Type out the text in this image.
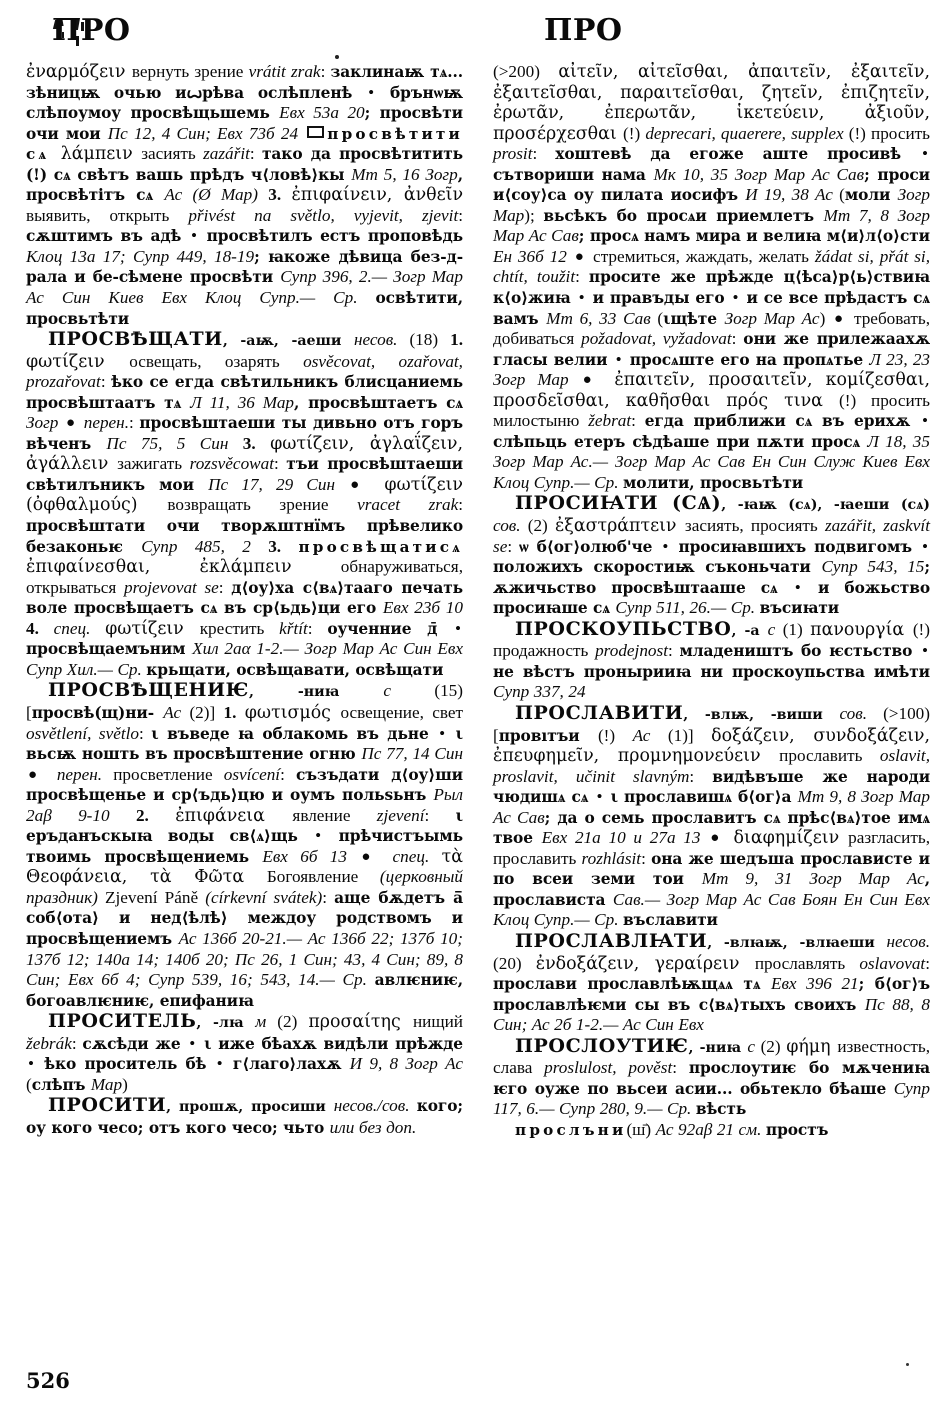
ПРО	ПРО

ἐναρμόζειν вернуть зрение vrátit zrak: заклинаѭ тѧ... зѣницѭ очью иꙍрѣва ослѣпленѣ • брънѡѭ слѣпоумоу просвѣщьшемь Евх 53а 20; просвѣти очи мои Пс 12, 4 Син; Евх 73б 24 просвѣтити сѧ λάμπειν засиять zazářit: тако да просвѣтитить (!) сѧ свѣтъ вашь прѣдъ ч⟨ловѣ⟩кы Мт 5, 16 Зогр, просвѣтітъ сѧ Ас (Ø Мар) 3. ἐπιφαίνειν, ἀνθεῖν выявить, открыть přivést na světlo, vyjevit, zjevit: сѫштимъ въ адѣ • просвѣтилъ естъ проповѣдь Клоц 13а 17; Супр 449, 18-19; ꙗкоже дѣвица без-д-рала и бе-сѣмене просвѣти Супр 396, 2.— Зогр Мар Ас Син Киев Евх Клоц Супр.— Ср. освѣтити, просвьтѣти

ПРОСВѢЩАТИ, -аѭ, -аеши несов. (18) 1. φωτίζειν освещать, озарять osvěcovat, ozařovat, prozařovat: ѣко се егда свѣтильникъ блисцаниемь просвѣштаатъ тѧ Л 11, 36 Мар, просвѣштаетъ сѧ Зогр ● перен.: просвѣштаеши ты дивьно отъ горъ вѣченъ Пс 75, 5 Син 3. φωτίζειν, ἀγλαΐζειν, ἀγάλλειν зажигать rozsvěcowat: тъи просвѣштаеши свѣтилъникъ мои Пс 17, 29 Син ● φωτίζειν (ὀφθαλμούς) возвращать зрение vracet zrak: просвѣштати очи творѫштнїмъ прѣвелико безаконьѥ Супр 485, 2 3. просвѣщатисѧ ἐπιφαίνεσθαι, ἐκλάμπειν обнаруживаться, открываться projevovat se: д⟨оу⟩ха с⟨вѧ⟩тааго печать воле просвѣщаетъ сѧ въ ср⟨ьдь⟩ци его Евх 23б 10 4. спец. φωτίζειν крестить křtít: оученние д̄ • просвѣщаемъним Хил 2аα 1-2.— Зогр Мар Ас Син Евх Супр Хил.— Ср. крьщати, освѣщавати, освѣщати

ПРОСВѢЩЕНИѤ, -ниꙗ с (15) [просвѣ(щ)ни- Ас (2)] 1. φωτισμός освещение, свет osvětlení, světlo: ι въведе ꙗ облакомь въ дьне • ι вьсѭ ношть въ просвѣштение огню Пс 77, 14 Син ● перен. просветление osvícení: съзъдати д⟨оу⟩ши просвѣщенье и ср⟨ъдь⟩цю и оумъ польѕьнъ Рыл 2аβ 9-10 2. ἐπιφάνεια явление zjevení: ι еръданъскыꙗ воды св⟨ѧ⟩щь • прѣчистъымь твоимь просвѣщениемь Евх 6б 13 ● спец. τὰ Θεοφάνεια, τὰ Φῶτα Богоявление (церковный праздник) Zjevení Páně (církevní svátek): аще бѫдетъ ā̄ соб⟨ота⟩ и нед⟨ѣлѣ⟩ междоу родствомъ и просвѣщениемъ Ас 136б 20-21.— Ас 136б 22; 137б 10; 137б 12; 140а 14; 140б 20; Пс 26, 1 Син; 43, 4 Син; 89, 8 Син; Евх 6б 4; Супр 539, 16; 543, 14.— Ср. авлѥниѥ, богоавлѥниѥ, епифаниꙗ

ПРОСИТЕЛЬ, -лꙗ м (2) προσαίτης нищий žebrák: сѫсѣди же • ι иже бѣахѫ видѣли прѣжде • ѣко проситель бѣ • г⟨лаго⟩лахѫ И 9, 8 Зогр Ас (слѣпъ Мар)

ПРОСИТИ, прошѫ, просиши несов./сов. кого; оу кого чесо; отъ кого чесо; чьто или без доп.

(>200) αἰτεῖν, αἰτεῖσθαι, ἀπαιτεῖν, ἐξαιτεῖν, ἐξαιτεῖσθαι, παραιτεῖσθαι, ζητεῖν, ἐπιζητεῖν, ἐρωτᾶν, ἐπερωτᾶν, ἱκετεύειν, ἀξιοῦν, προσέρχεσθαι (!) deprecari, quaerere, supplex (!) просить prosit: хоштевѣ да егоже аште просивѣ • сътвориши нама Мк 10, 35 Зогр Мар Ас Сав; проси и⟨соу⟩са оу пилата иосифъ И 19, 38 Ас (моли Зогр Мар); вьсѣкъ бо просѧи приемлетъ Мт 7, 8 Зогр Мар Ас Сав; просѧ намъ мира и велиꙗ м⟨и⟩л⟨о⟩сти Ен 36б 12 ● стремиться, жаждать, желать žádat si, přát si, chtít, toužit: просите же прѣжде ц⟨ѣса⟩р⟨ь⟩ствиꙗ к⟨о⟩жиꙗ • и правъды его • и се все прѣдастъ сѧ вамъ Мт 6, 33 Сав (ιщѣте Зогр Мар Ас) ● требовать, добиваться požadovat, vyžadovat: они же прилежаахѫ гласы велии • просѧште его на пропѧтье Л 23, 23 Зогр Мар ● ἐπαιτεῖν, προσαιτεῖν, κομίζεσθαι, προσδεῖσθαι, καθῆσθαι πρός τινα (!) просить милостыню žebrat: егда приближи сѧ въ ерихѫ • слѣпьць етеръ сѣдѣаше при пѫти просѧ Л 18, 35 Зогр Мар Ас.— Зогр Мар Ас Сав Ен Син Служ Киев Евх Клоц Супр.— Ср. молити, просвьтѣти

ПРОСИꙖТИ (СѦ), -ꙗѭ (сѧ), -ꙗеши (сѧ) сов. (2) ἐξαστράπτειν засиять, просиять zazářit, zaskvít se: ѡ б⟨ог⟩олюб'че • просиꙗвшихъ подвигомъ • положихъ скоростиѭ съконьчати Супр 543, 15; ѫжичьство просвѣштааше сѧ • и божьство просиꙗше сѧ Супр 511, 26.— Ср. въсиꙗти

ПРОСКОУПЬСТВО, -а с (1) πανουργία (!) продажность prodejnost: младеништъ бо ѥстьство • не вѣстъ пронырииꙗ ни проскоупьства имѣти Супр 337, 24

ПРОСЛАВИТИ, -влѭ, -виши сов. (>100) [провıтъи (!) Ас (1)] δοξάζειν, συνδοξάζειν, ἐπευφημεῖν, προμνημονεύειν прославить oslavit, proslavit, učinit slavným: видѣвъше же народи чюдишѧ сѧ • ι прославишѧ б⟨ог⟩а Мт 9, 8 Зогр Мар Ас Сав; да о семь прославитъ сѧ прѣс⟨вѧ⟩тое имѧ твое Евх 21а 10 и 27а 13 ● διαφημίζειν разгласить, прославить rozhlásit: она же шедъша прославиcте и по всеи земи тои Мт 9, 31 Зогр Мар Ас, прослависта Сав.— Зогр Мар Ас Сав Боян Ен Син Евх Клоц Супр.— Ср. въславити

ПРОСЛАВЛꙖТИ, -влꙗѭ, -влꙗеши несов. (20) ἐνδοξάζειν, γεραίρειν прославлять oslavovat: прослави прославлѣѭщѧѧ тѧ Евх 396 21; б⟨ог⟩ъ прославлѣѥми сы въ с⟨вѧ⟩тыхъ своихъ Пс 88, 8 Син; Ас 2б 1-2.— Ас Син Евх

ПРОСЛОУТИѤ, -ниꙗ с (2) φήμη известность, слава proslulost, pověst: прослоутиѥ бо мѫчениꙗ ѥго оуже по вьсеи асии... обьтекло бѣаше Супр 117, 6.— Супр 280, 9.— Ср. вѣсть

прослъни(ш̄) Ас 92аβ 21 см. простъ

526
